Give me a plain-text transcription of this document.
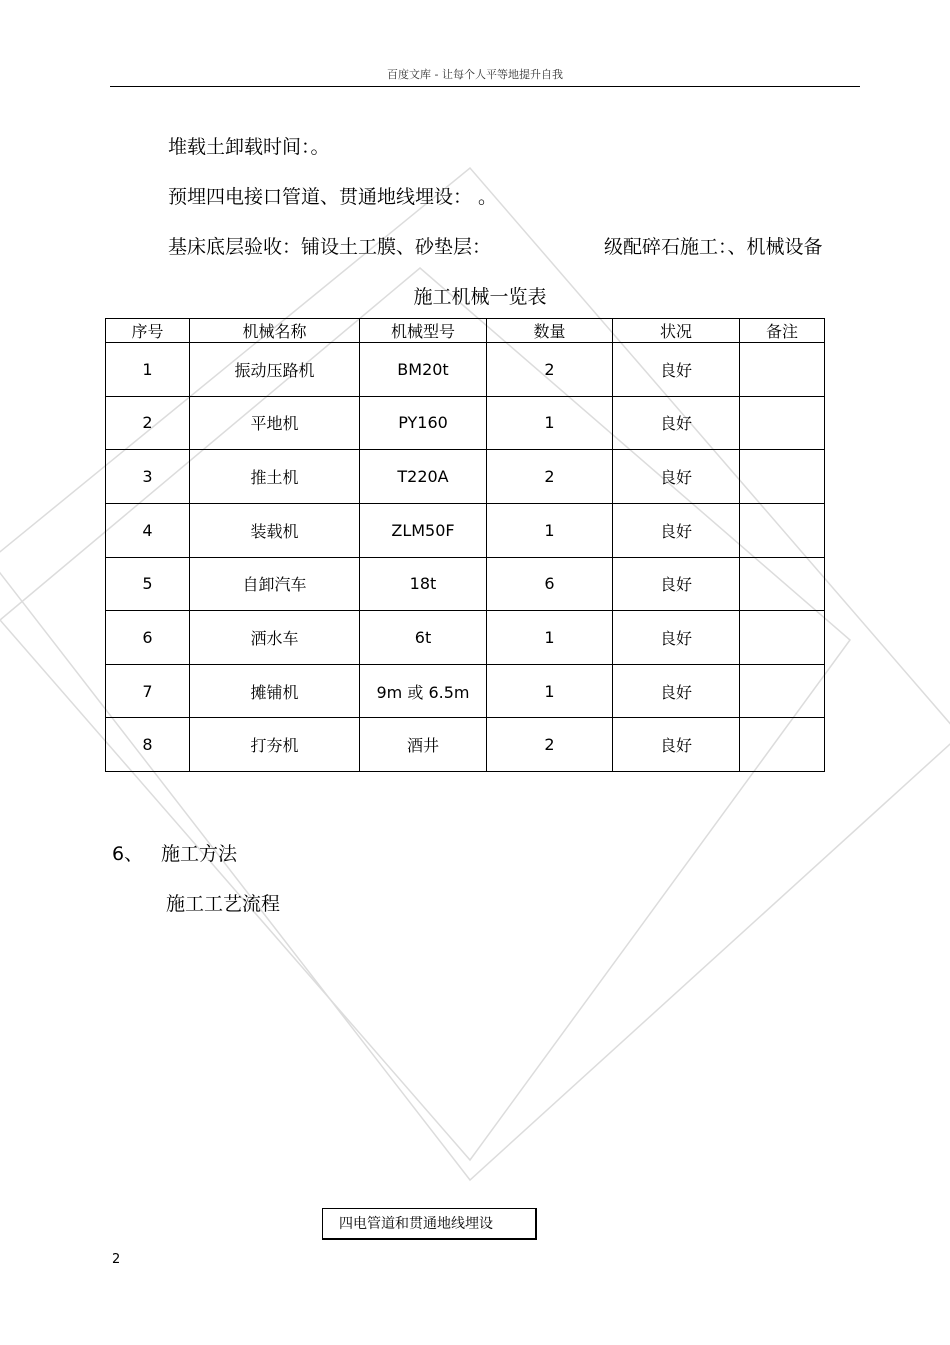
百度文库 - 让每个人平等地提升自我
堆载土卸载时间：。
预埋四电接口管道、贯通地线埋设： 。
基床底层验收：铺设土工膜、砂垫层：	级配碎石施工：、机械设备
施工机械一览表
序号	机械名称	机械型号	数量	状况	备注
1	振动压路机	BM20t	2	良好	
2	平地机	PY160	1	良好	
3	推土机	T220A	2	良好	
4	装载机	ZLM50F	1	良好	
5	自卸汽车	18t	6	良好	
6	洒水车	6t	1	良好	
7	摊铺机	9m 或 6.5m	1	良好	
8	打夯机	酒井	2	良好	
6、 施工方法
施工工艺流程
四电管道和贯通地线埋设
2
